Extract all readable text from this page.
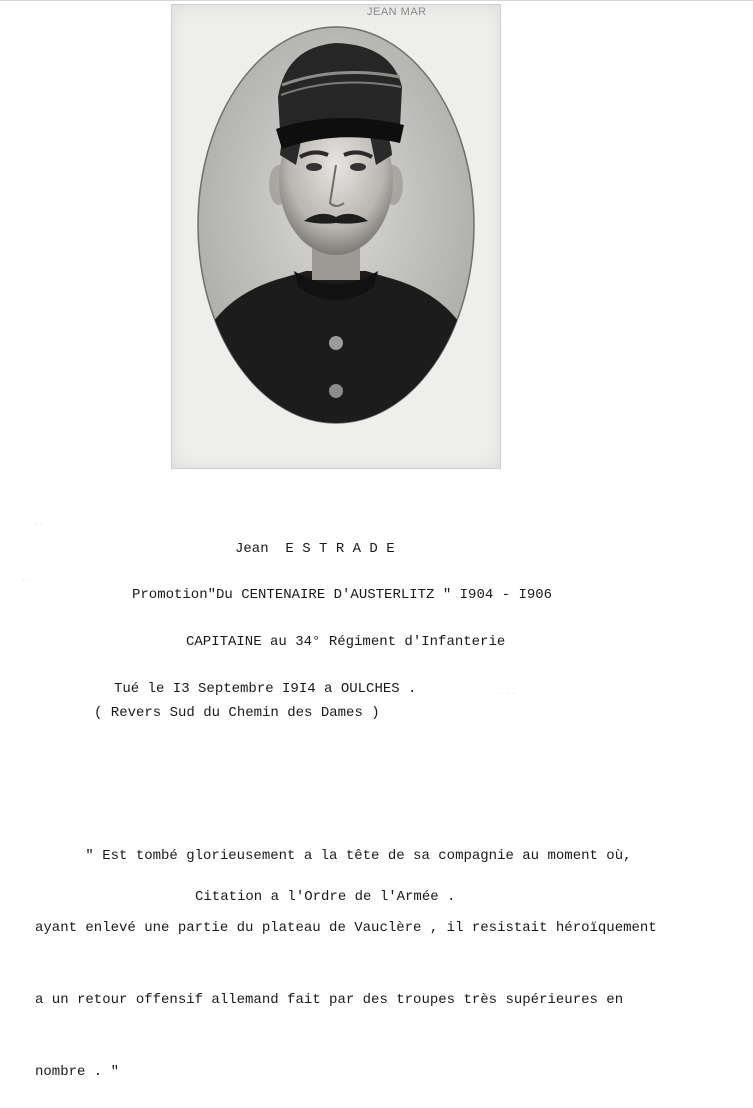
JEAN MAR
· · ·
· ·
· · ·
Jean  E S T R A D E
Promotion"Du CENTENAIRE D'AUSTERLITZ " I904 - I906
CAPITAINE au 34° Régiment d'Infanterie
Tué le I3 Septembre I9I4 a OULCHES .
( Revers Sud du Chemin des Dames )

" Est tombé glorieusement a la tête de sa compagnie au moment où,

ayant enlevé une partie du plateau de Vauclère , il resistait héroïquement

a un retour offensif allemand fait par des troupes très supérieures en

nombre . "

Citation a l'Ordre de l'Armée .
